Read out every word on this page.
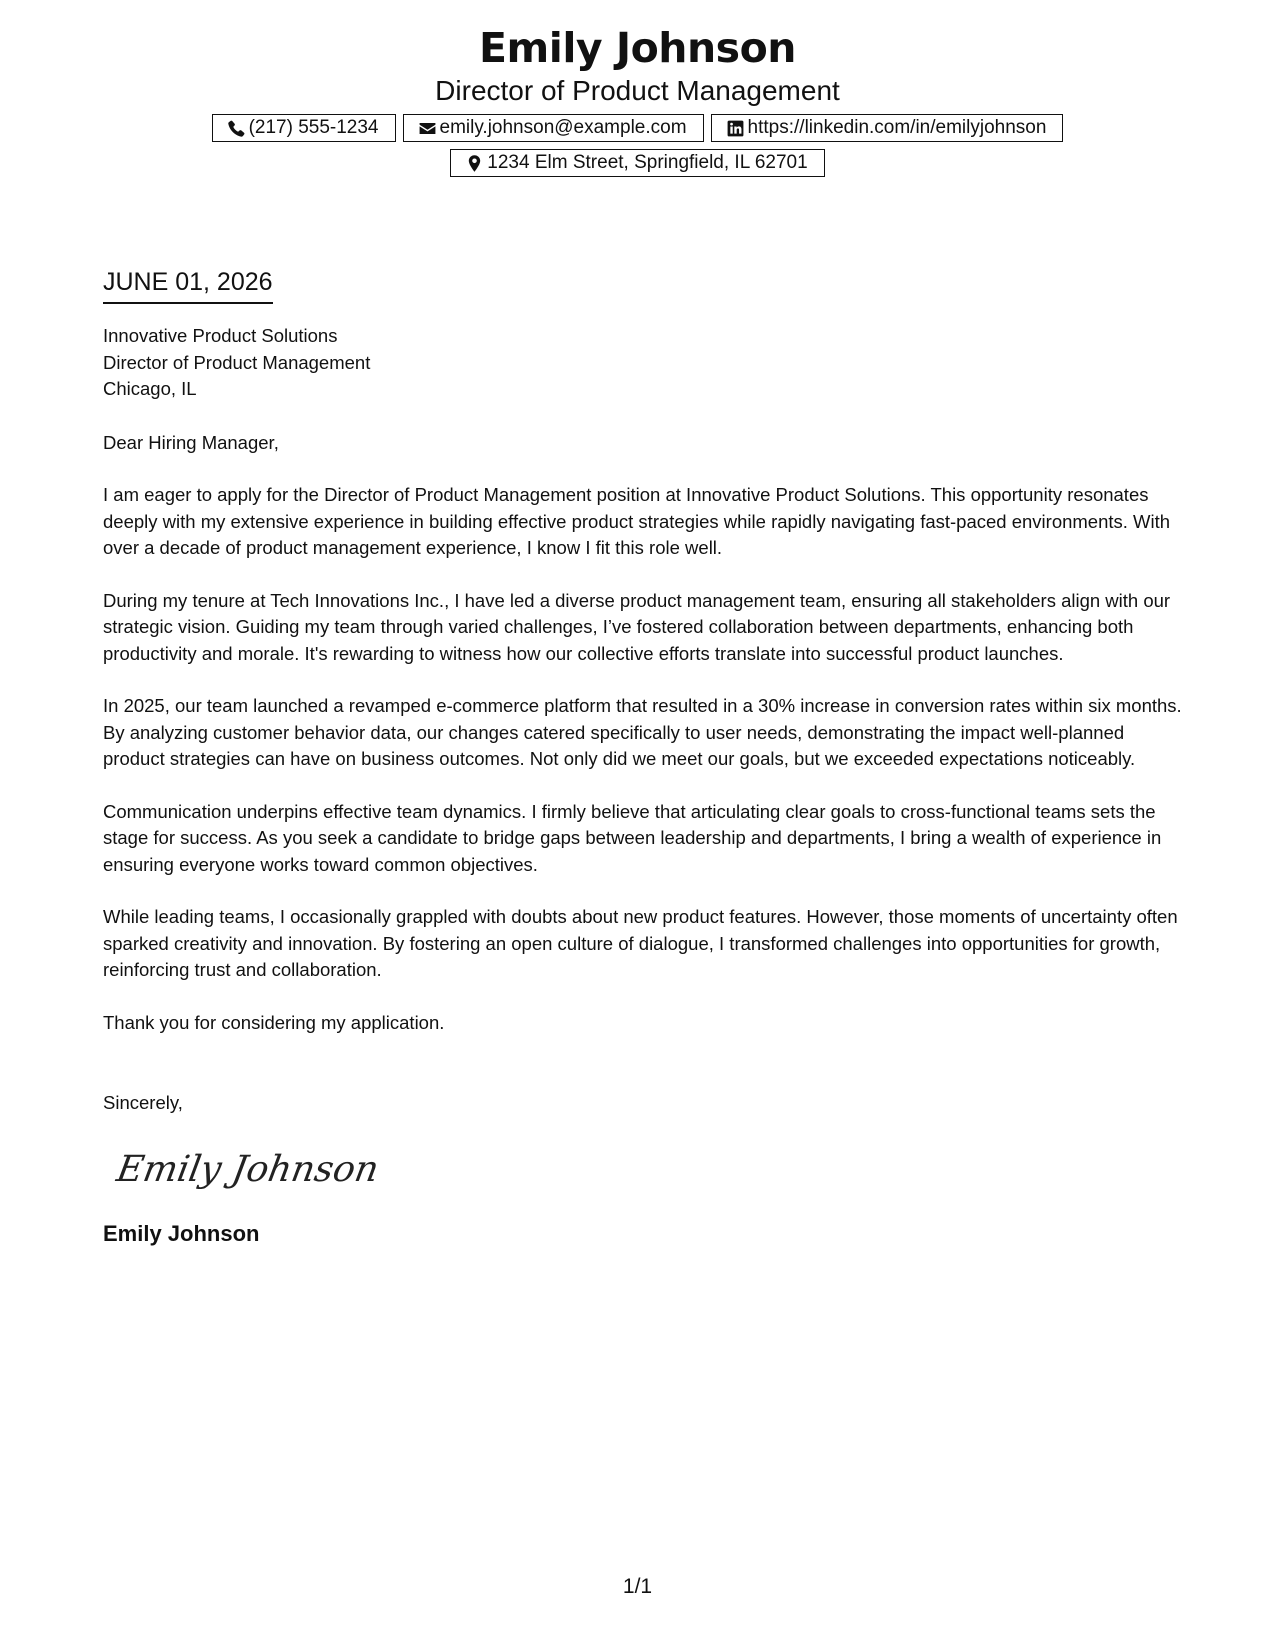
Emily Johnson
Director of Product Management
(217) 555-1234	emily.johnson@example.com	https://linkedin.com/in/emilyjohnson
1234 Elm Street, Springfield, IL 62701
JUNE 01, 2026
Innovative Product Solutions
Director of Product Management
Chicago, IL

Dear Hiring Manager,

I am eager to apply for the Director of Product Management position at Innovative Product Solutions. This opportunity resonates deeply with my extensive experience in building effective product strategies while rapidly navigating fast-paced environments. With over a decade of product management experience, I know I fit this role well.

During my tenure at Tech Innovations Inc., I have led a diverse product management team, ensuring all stakeholders align with our strategic vision. Guiding my team through varied challenges, I’ve fostered collaboration between departments, enhancing both productivity and morale. It's rewarding to witness how our collective efforts translate into successful product launches.

In 2025, our team launched a revamped e-commerce platform that resulted in a 30% increase in conversion rates within six months. By analyzing customer behavior data, our changes catered specifically to user needs, demonstrating the impact well-planned product strategies can have on business outcomes. Not only did we meet our goals, but we exceeded expectations noticeably.

Communication underpins effective team dynamics. I firmly believe that articulating clear goals to cross-functional teams sets the stage for success. As you seek a candidate to bridge gaps between leadership and departments, I bring a wealth of experience in ensuring everyone works toward common objectives.

While leading teams, I occasionally grappled with doubts about new product features. However, those moments of uncertainty often sparked creativity and innovation. By fostering an open culture of dialogue, I transformed challenges into opportunities for growth, reinforcing trust and collaboration.

Thank you for considering my application.

Sincerely,

Emily Johnson
Emily Johnson
1/1
